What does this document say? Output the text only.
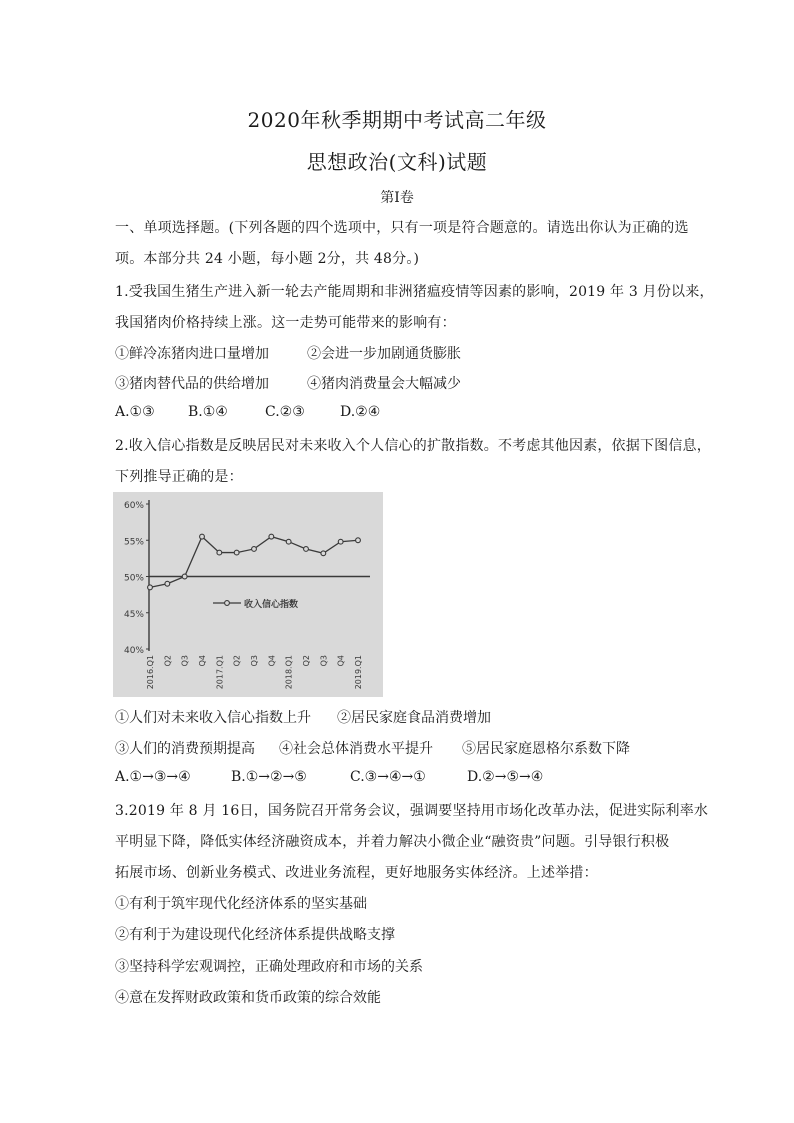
2020年秋季期期中考试高二年级
思想政治(文科)试题
第I卷
一、单项选择题。(下列各题的四个选项中，只有一项是符合题意的。请选出你认为正确的选
项。本部分共 24 小题，每小题 2分，共 48分。)
1.受我国生猪生产进入新一轮去产能周期和非洲猪瘟疫情等因素的影响，2019 年 3 月份以来，
我国猪肉价格持续上涨。这一走势可能带来的影响有：
①鲜冷冻猪肉进口量增加	②会进一步加剧通货膨胀
③猪肉替代品的供给增加	④猪肉消费量会大幅减少
A.①③ B.①④	C.②③	D.②④
2.收入信心指数是反映居民对未来收入个人信心的扩散指数。不考虑其他因素，依据下图信息，
下列推导正确的是：
60%
55%
50%
45%
40%
2016.Q1 Q2 Q3 Q4 2017.Q1 Q2 Q3 Q4 2018.Q1 Q2 Q3 Q4 2019.Q1
收入信心指数
①人们对未来收入信心指数上升 ②居民家庭食品消费增加
③人们的消费预期提高 ④社会总体消费水平提升 ⑤居民家庭恩格尔系数下降
A.①→③→④	B.①→②→⑤	C.③→④→①	D.②→⑤→④
3.2019 年 8 月 16日，国务院召开常务会议，强调要坚持用市场化改革办法，促进实际利率水
平明显下降，降低实体经济融资成本，并着力解决小微企业“融资贵”问题。引导银行积极
拓展市场、创新业务模式、改进业务流程，更好地服务实体经济。上述举措：
①有利于筑牢现代化经济体系的坚实基础
②有利于为建设现代化经济体系提供战略支撑
③坚持科学宏观调控，正确处理政府和市场的关系
④意在发挥财政政策和货币政策的综合效能
